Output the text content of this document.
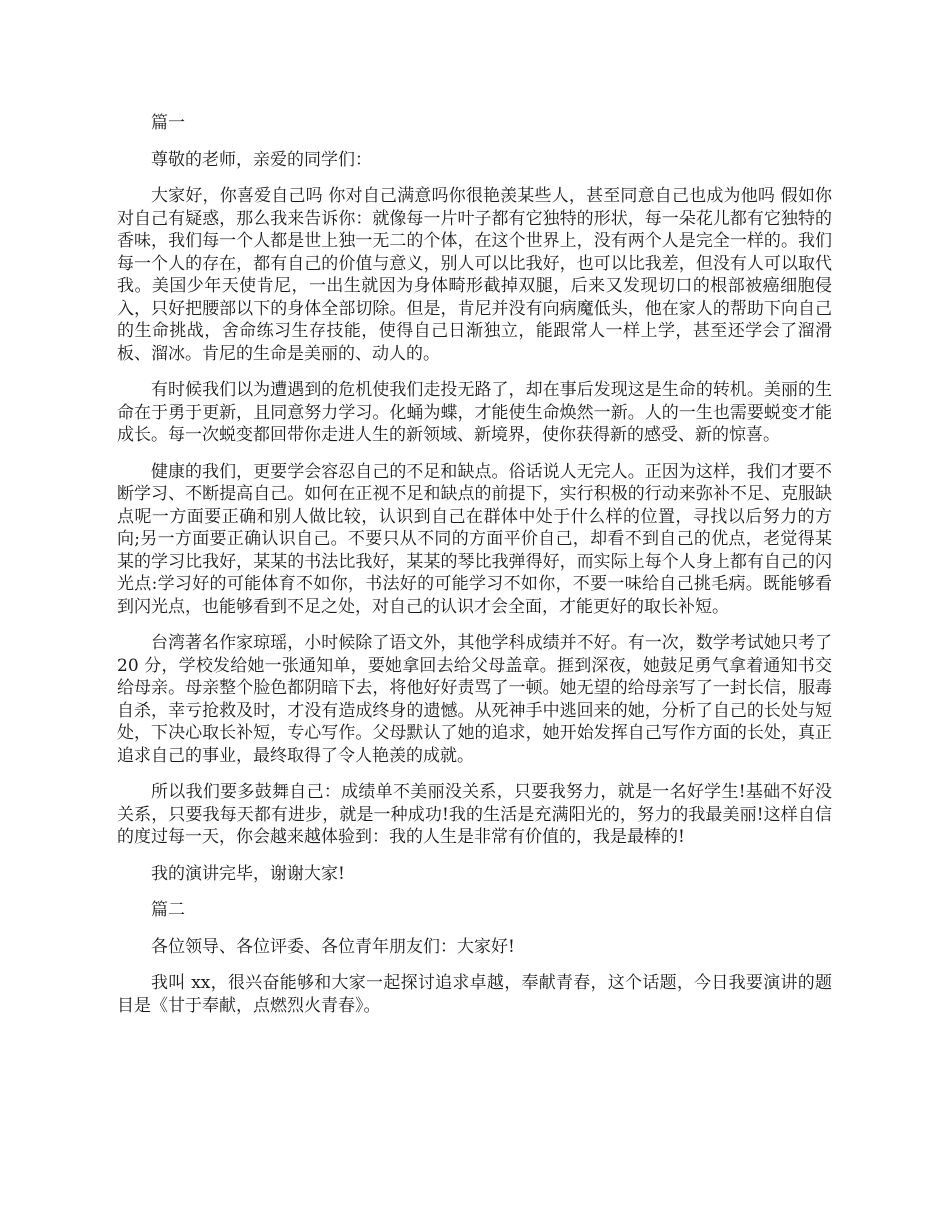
篇一

尊敬的老师，亲爱的同学们：

大家好，你喜爱自己吗 你对自己满意吗你很艳羡某些人，甚至同意自己也成为他吗 假如你对自己有疑惑，那么我来告诉你：就像每一片叶子都有它独特的形状，每一朵花儿都有它独特的香味，我们每一个人都是世上独一无二的个体，在这个世界上，没有两个人是完全一样的。我们每一个人的存在，都有自己的价值与意义，别人可以比我好，也可以比我差，但没有人可以取代我。美国少年天使肯尼，一出生就因为身体畸形截掉双腿，后来又发现切口的根部被癌细胞侵入，只好把腰部以下的身体全部切除。但是，肯尼并没有向病魔低头，他在家人的帮助下向自己的生命挑战，舍命练习生存技能，使得自己日渐独立，能跟常人一样上学，甚至还学会了溜滑板、溜冰。肯尼的生命是美丽的、动人的。

有时候我们以为遭遇到的危机使我们走投无路了，却在事后发现这是生命的转机。美丽的生命在于勇于更新，且同意努力学习。化蛹为蝶，才能使生命焕然一新。人的一生也需要蜕变才能成长。每一次蜕变都回带你走进人生的新领域、新境界，使你获得新的感受、新的惊喜。

健康的我们，更要学会容忍自己的不足和缺点。俗话说人无完人。正因为这样，我们才要不断学习、不断提高自己。如何在正视不足和缺点的前提下，实行积极的行动来弥补不足、克服缺点呢一方面要正确和别人做比较，认识到自己在群体中处于什么样的位置，寻找以后努力的方向;另一方面要正确认识自己。不要只从不同的方面平价自己，却看不到自己的优点，老觉得某某的学习比我好，某某的书法比我好，某某的琴比我弹得好，而实际上每个人身上都有自己的闪光点:学习好的可能体育不如你，书法好的可能学习不如你，不要一味给自己挑毛病。既能够看到闪光点，也能够看到不足之处，对自己的认识才会全面，才能更好的取长补短。

台湾著名作家琼瑶，小时候除了语文外，其他学科成绩并不好。有一次，数学考试她只考了 20 分，学校发给她一张通知单，要她拿回去给父母盖章。捱到深夜，她鼓足勇气拿着通知书交给母亲。母亲整个脸色都阴暗下去，将他好好责骂了一顿。她无望的给母亲写了一封长信，服毒自杀，幸亏抢救及时，才没有造成终身的遗憾。从死神手中逃回来的她，分析了自己的长处与短处，下决心取长补短，专心写作。父母默认了她的追求，她开始发挥自己写作方面的长处，真正追求自己的事业，最终取得了令人艳羡的成就。

所以我们要多鼓舞自己：成绩单不美丽没关系，只要我努力，就是一名好学生!基础不好没关系，只要我每天都有进步，就是一种成功!我的生活是充满阳光的，努力的我最美丽!这样自信的度过每一天，你会越来越体验到：我的人生是非常有价值的，我是最棒的!

我的演讲完毕，谢谢大家!

篇二

各位领导、各位评委、各位青年朋友们：大家好!

我叫 xx，很兴奋能够和大家一起探讨追求卓越，奉献青春，这个话题，今日我要演讲的题目是《甘于奉献，点燃烈火青春》。
